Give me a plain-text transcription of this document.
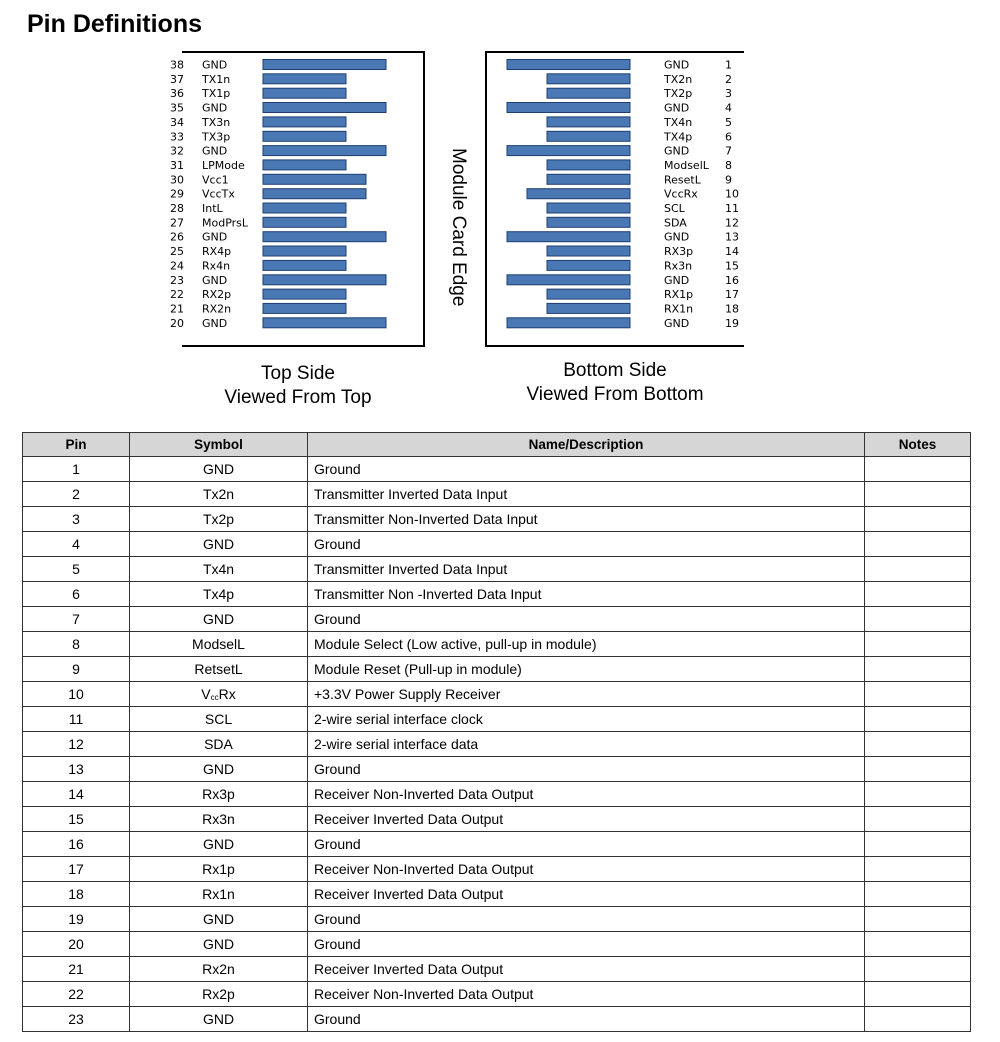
Pin Definitions
38 GND
37 TX1n
36 TX1p
35 GND
34 TX3n
33 TX3p
32 GND
31 LPMode
30 Vcc1
29 VccTx
28 IntL
27 ModPrsL
26 GND
25 RX4p
24 Rx4n
23 GND
22 RX2p
21 RX2n
20 GND
GND	1
TX2n	2
TX2p	3
GND	4
TX4n	5
TX4p	6
GND	7
ModselL 8
ResetL 9
VccRx 10
SCL	11
SDA	12
GND	13
RX3p	14
Rx3n	15
GND	16
RX1p	17
RX1n	18
GND	19
Module Card Edge
Top Side
Viewed From Top
Bottom Side
Viewed From Bottom
Pin	Symbol	Name/Description	Notes
1	GND	Ground	
2	Tx2n	Transmitter Inverted Data Input	
3	Tx2p	Transmitter Non-Inverted Data Input	
4	GND	Ground	
5	Tx4n	Transmitter Inverted Data Input	
6	Tx4p	Transmitter Non -Inverted Data Input	
7	GND	Ground	
8	ModselL	Module Select (Low active, pull-up in module)	
9	RetsetL	Module Reset (Pull-up in module)	
10	$V_{cc}Rx$	+3.3V Power Supply Receiver	
11	SCL	2-wire serial interface clock	
12	SDA	2-wire serial interface data	
13	GND	Ground	
14	Rx3p	Receiver Non-Inverted Data Output	
15	Rx3n	Receiver Inverted Data Output	
16	GND	Ground	
17	Rx1p	Receiver Non-Inverted Data Output	
18	Rx1n	Receiver Inverted Data Output	
19	GND	Ground	
20	GND	Ground	
21	Rx2n	Receiver Inverted Data Output	
22	Rx2p	Receiver Non-Inverted Data Output	
23	GND	Ground	
